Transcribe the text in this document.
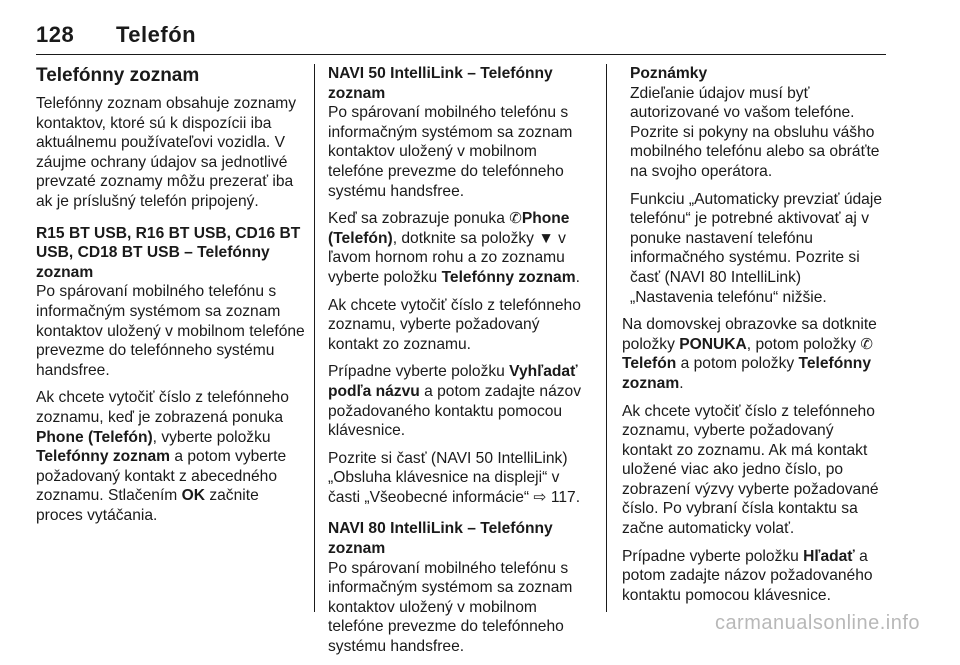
128 Telefón
Telefónny zoznam

Telefónny zoznam obsahuje zoznamy kontaktov, ktoré sú k dispozícii iba aktuálnemu používateľovi vozidla. V záujme ochrany údajov sa jednotlivé prevzaté zoznamy môžu prezerať iba ak je príslušný telefón pripojený.

R15 BT USB, R16 BT USB, CD16 BT USB, CD18 BT USB – Telefónny zoznam

Po spárovaní mobilného telefónu s informačným systémom sa zoznam kontaktov uložený v mobilnom telefóne prevezme do telefónneho systému handsfree.

Ak chcete vytočiť číslo z telefónneho zoznamu, keď je zobrazená ponuka Phone (Telefón), vyberte položku Telefónny zoznam a potom vyberte požadovaný kontakt z abecedného zoznamu. Stlačením OK začnite proces vytáčania.

NAVI 50 IntelliLink – Telefónny zoznam

Po spárovaní mobilného telefónu s informačným systémom sa zoznam kontaktov uložený v mobilnom telefóne prevezme do telefónneho systému handsfree.

Keď sa zobrazuje ponuka ✆Phone (Telefón), dotknite sa položky ▼ v ľavom hornom rohu a zo zoznamu vyberte položku Telefónny zoznam.

Ak chcete vytočiť číslo z telefónneho zoznamu, vyberte požadovaný kontakt zo zoznamu.

Prípadne vyberte položku Vyhľadať podľa názvu a potom zadajte názov požadovaného kontaktu pomocou klávesnice.

Pozrite si časť (NAVI 50 IntelliLink) „Obsluha klávesnice na displeji“ v časti „Všeobecné informácie“ ⇨ 117.

NAVI 80 IntelliLink – Telefónny zoznam

Po spárovaní mobilného telefónu s informačným systémom sa zoznam kontaktov uložený v mobilnom telefóne prevezme do telefónneho systému handsfree.

Poznámky

Zdieľanie údajov musí byť autorizované vo vašom telefóne. Pozrite si pokyny na obsluhu vášho mobilného telefónu alebo sa obráťte na svojho operátora.

Funkciu „Automaticky prevziať údaje telefónu“ je potrebné aktivovať aj v ponuke nastavení telefónu informačného systému. Pozrite si časť (NAVI 80 IntelliLink) „Nastavenia telefónu“ nižšie.

Na domovskej obrazovke sa dotknite položky PONUKA, potom položky ✆Telefón a potom položky Telefónny zoznam.

Ak chcete vytočiť číslo z telefónneho zoznamu, vyberte požadovaný kontakt zo zoznamu. Ak má kontakt uložené viac ako jedno číslo, po zobrazení výzvy vyberte požadované číslo. Po vybraní čísla kontaktu sa začne automaticky volať.

Prípadne vyberte položku Hľadať a potom zadajte názov požadovaného kontaktu pomocou klávesnice.

carmanualsonline.info
